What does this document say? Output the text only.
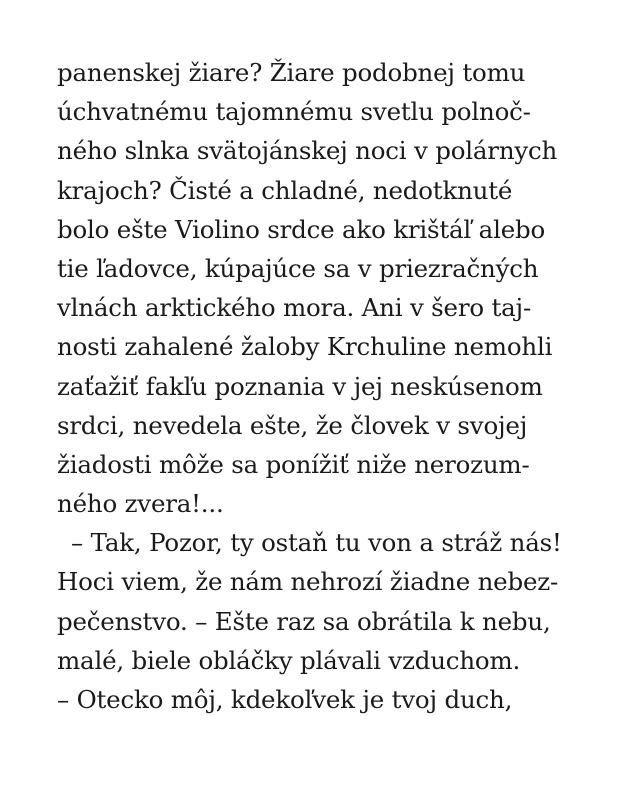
panenskej žiare? Žiare podobnej tomu
úchvatnému tajomnému svetlu polnoč-
ného slnka svätojánskej noci v polárnych
krajoch? Čisté a chladné, nedotknuté
bolo ešte Violino srdce ako krištáľ alebo
tie ľadovce, kúpajúce sa v priezračných
vlnách arktického mora. Ani v šero taj-
nosti zahalené žaloby Krchuline nemohli
zaťažiť fakľu poznania v jej neskúsenom
srdci, nevedela ešte, že človek v svojej
žiadosti môže sa ponížiť niže nerozum-
ného zvera!...
– Tak, Pozor, ty ostaň tu von a stráž nás!
Hoci viem, že nám nehrozí žiadne nebez-
pečenstvo. – Ešte raz sa obrátila k nebu,
malé, biele obláčky plávali vzduchom.
– Otecko môj, kdekoľvek je tvoj duch,
